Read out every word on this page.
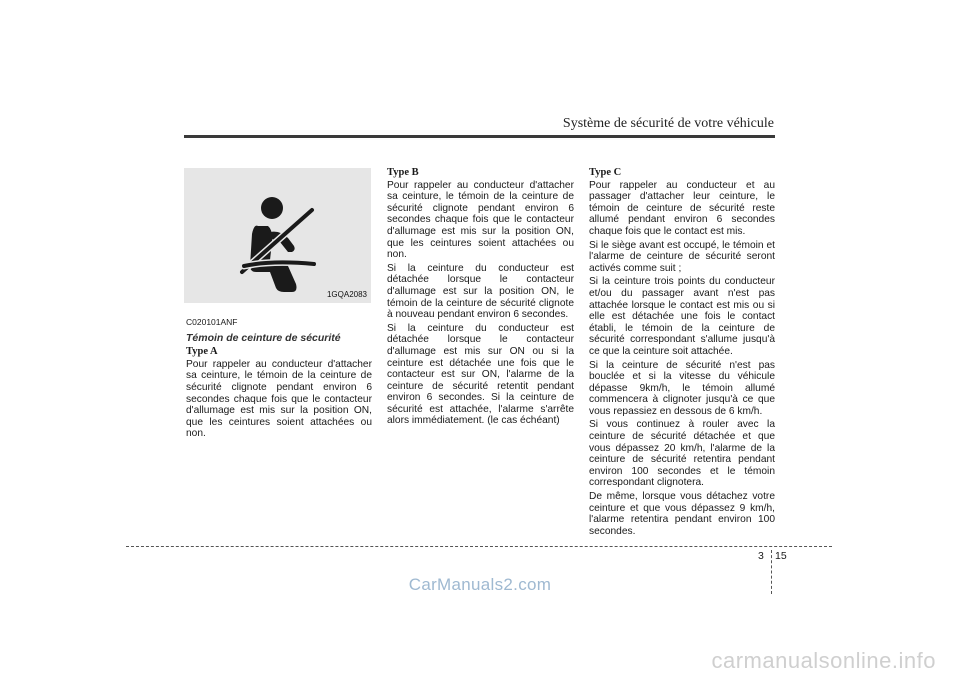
Système de sécurité de votre véhicule
1GQA2083

C020101ANF

Témoin de ceinture de sécurité

Type A

Pour rappeler au conducteur d'attacher sa ceinture, le témoin de la ceinture de sécurité clignote pendant environ 6 secondes chaque fois que le contacteur d'allumage est mis sur la position ON, que les ceintures soient attachées ou non.

Type B

Pour rappeler au conducteur d'attacher sa ceinture, le témoin de la ceinture de sécurité clignote pendant environ 6 secondes chaque fois que le contacteur d'allumage est mis sur la position ON, que les ceintures soient attachées ou non.

Si la ceinture du conducteur est détachée lorsque le contacteur d'allumage est sur la position ON, le témoin de la ceinture de sécurité clignote à nouveau pendant environ 6 secondes.

Si la ceinture du conducteur est détachée lorsque le contacteur d'allumage est mis sur ON ou si la ceinture est détachée une fois que le contacteur est sur ON, l'alarme de la ceinture de sécurité retentit pendant environ 6 secondes. Si la ceinture de sécurité est attachée, l'alarme s'arrête alors immédiatement. (le cas échéant)

Type C

Pour rappeler au conducteur et au passager d'attacher leur ceinture, le témoin de ceinture de sécurité reste allumé pendant environ 6 secondes chaque fois que le contact est mis.

Si le siège avant est occupé, le témoin et l'alarme de ceinture de sécurité seront activés comme suit ;

Si la ceinture trois points du conducteur et/ou du passager avant n'est pas attachée lorsque le contact est mis ou si elle est détachée une fois le contact établi, le témoin de la ceinture de sécurité correspondant s'allume jusqu'à ce que la ceinture soit attachée.

Si la ceinture de sécurité n'est pas bouclée et si la vitesse du véhicule dépasse 9km/h, le témoin allumé commencera à clignoter jusqu'à ce que vous repassiez en dessous de 6 km/h.

Si vous continuez à rouler avec la ceinture de sécurité détachée et que vous dépassez 20 km/h, l'alarme de la ceinture de sécurité retentira pendant environ 100 secondes et le témoin correspondant clignotera.

De même, lorsque vous détachez votre ceinture et que vous dépassez 9 km/h, l'alarme retentira pendant environ 100 secondes.

3 15
CarManuals2.com
carmanualsonline.info
